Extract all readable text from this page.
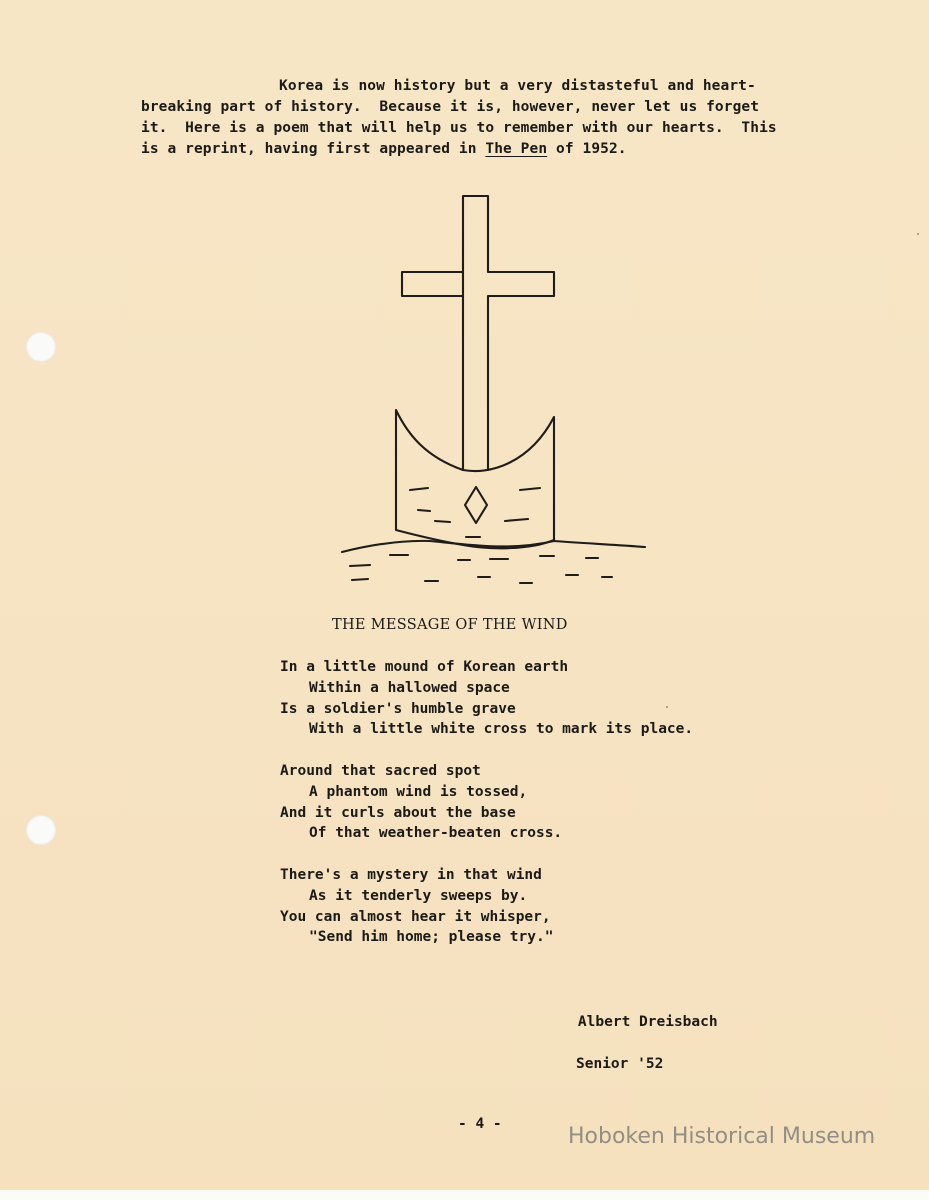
Korea is now history but a very distasteful and heart-
breaking part of history.  Because it is, however, never let us forget
it.  Here is a poem that will help us to remember with our hearts.  This
is a reprint, having first appeared in The Pen of 1952.
THE MESSAGE OF THE WIND
In a little mound of Korean earth
Within a hallowed space
Is a soldier's humble grave
With a little white cross to mark its place.
Around that sacred spot
A phantom wind is tossed,
And it curls about the base
Of that weather-beaten cross.
There's a mystery in that wind
As it tenderly sweeps by.
You can almost hear it whisper,
"Send him home; please try."

Albert Dreisbach

Senior '52

- 4 -	Hoboken Historical Museum
